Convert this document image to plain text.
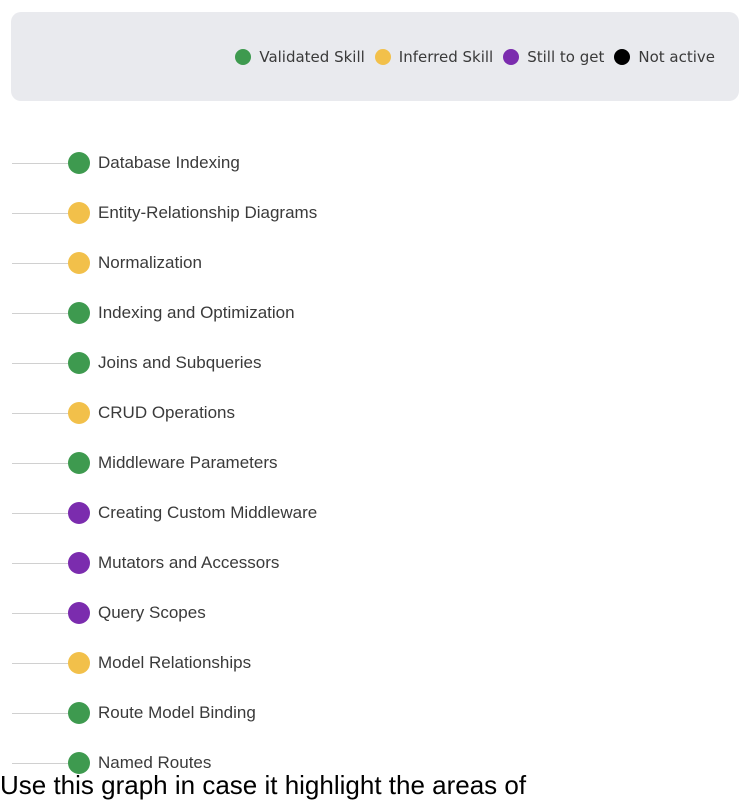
Validated Skill Inferred Skill Still to get Not active
Database Indexing
Entity-Relationship Diagrams
Normalization
Indexing and Optimization
Joins and Subqueries
CRUD Operations
Middleware Parameters
Creating Custom Middleware
Mutators and Accessors
Query Scopes
Model Relationships
Route Model Binding
Named Routes
Use this graph in case it highlight the areas of
